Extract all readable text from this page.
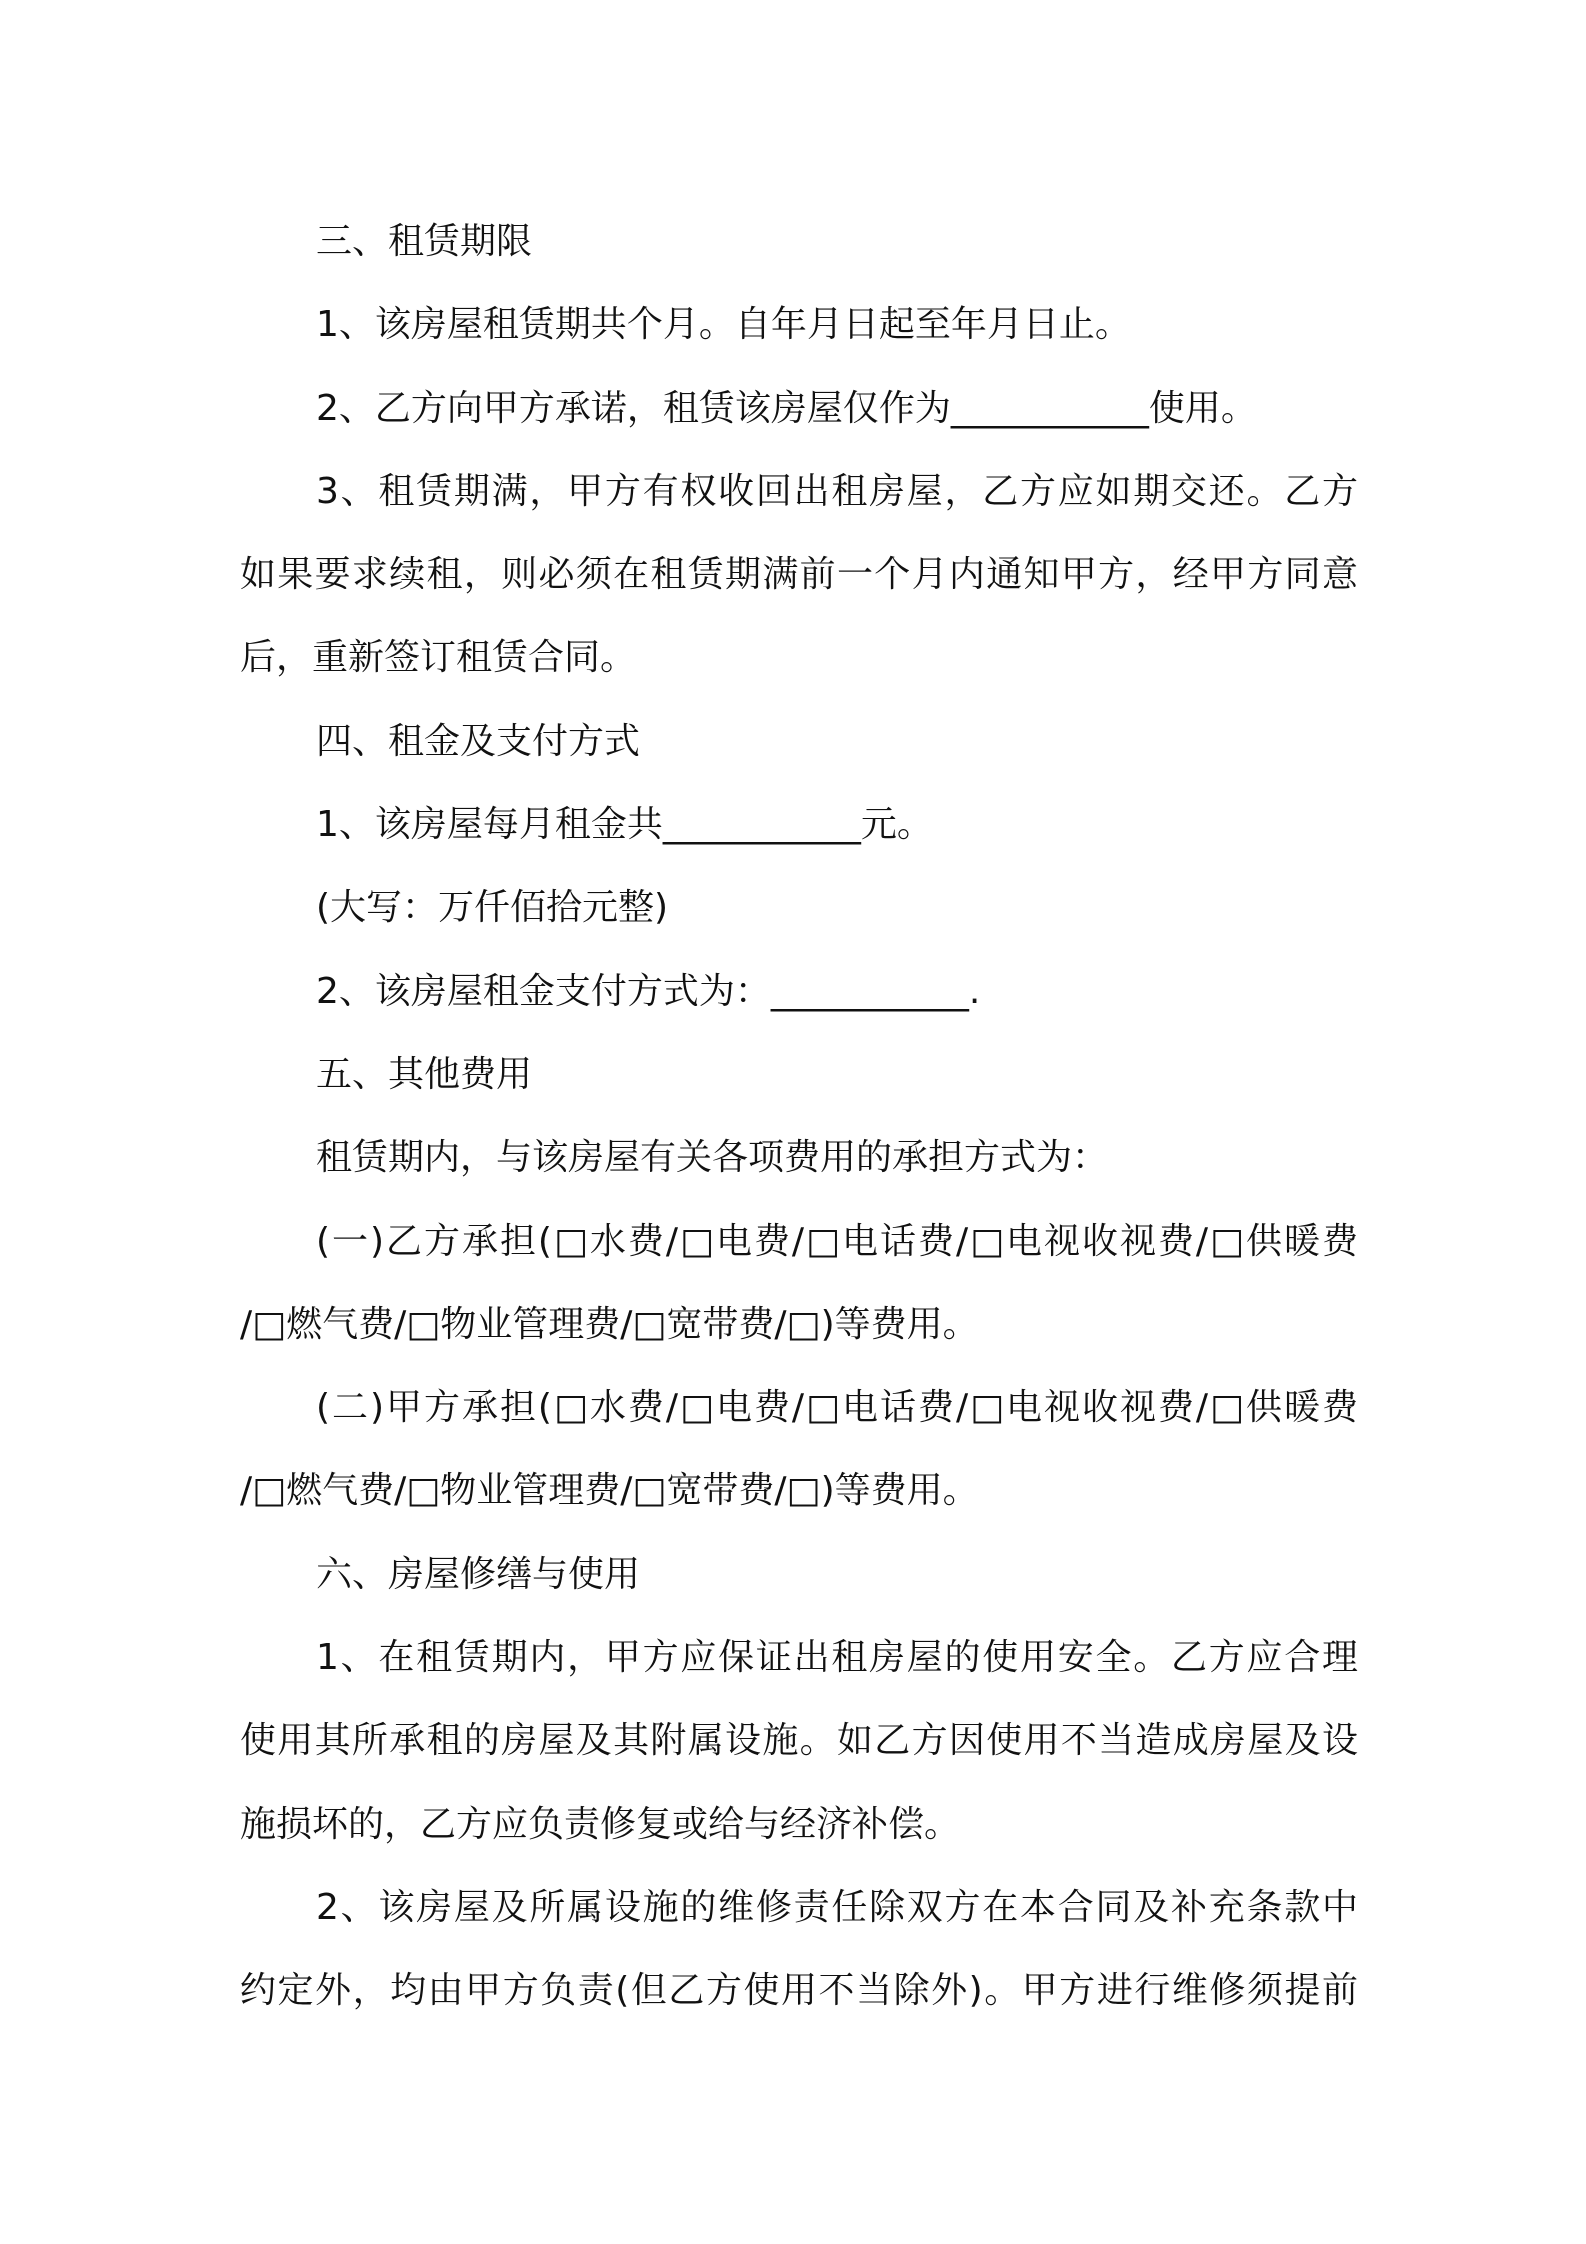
三、租赁期限
1、该房屋租赁期共个月。自年月日起至年月日止。
2、乙方向甲方承诺，租赁该房屋仅作为___________使用。
3、租赁期满，甲方有权收回出租房屋，乙方应如期交还。乙方
如果要求续租，则必须在租赁期满前一个月内通知甲方，经甲方同意
后，重新签订租赁合同。
四、租金及支付方式
1、该房屋每月租金共___________元。
(大写：万仟佰拾元整)
2、该房屋租金支付方式为：___________.
五、其他费用
租赁期内，与该房屋有关各项费用的承担方式为：
(一)乙方承担(□水费/□电费/□电话费/□电视收视费/□供暖费
/□燃气费/□物业管理费/□宽带费/□)等费用。
(二)甲方承担(□水费/□电费/□电话费/□电视收视费/□供暖费
/□燃气费/□物业管理费/□宽带费/□)等费用。
六、房屋修缮与使用
1、在租赁期内，甲方应保证出租房屋的使用安全。乙方应合理
使用其所承租的房屋及其附属设施。如乙方因使用不当造成房屋及设
施损坏的，乙方应负责修复或给与经济补偿。
2、该房屋及所属设施的维修责任除双方在本合同及补充条款中
约定外，均由甲方负责(但乙方使用不当除外)。甲方进行维修须提前
